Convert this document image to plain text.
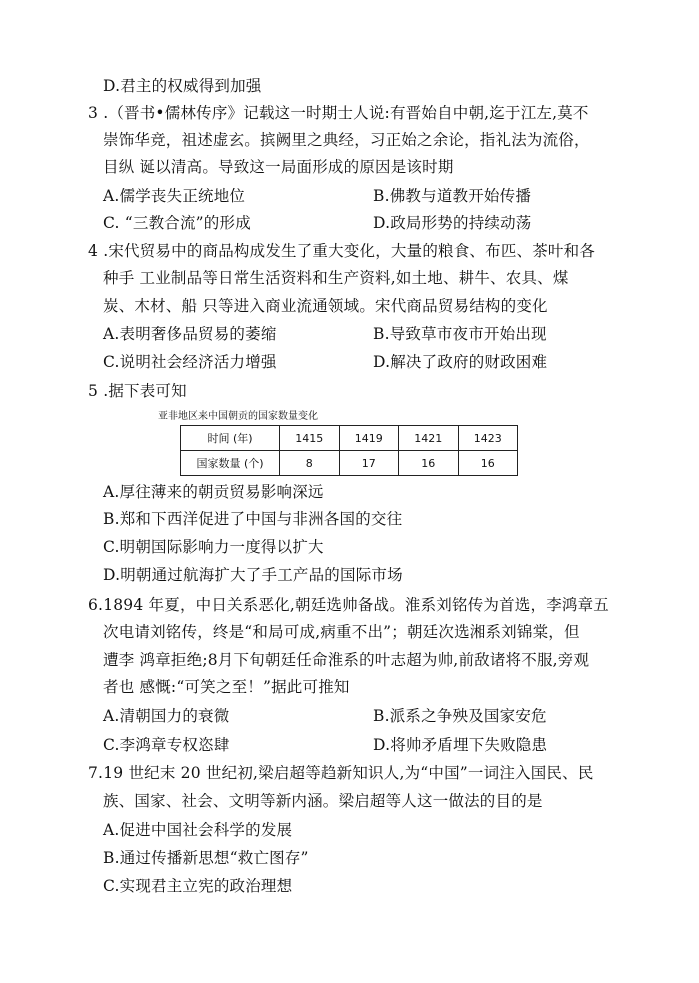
D.君主的权威得到加强
3 .（晋书•儒林传序》记载这一时期士人说:有晋始自中朝,迄于江左,莫不
崇饰华竞，祖述虚玄。摈阙里之典经，习正始之余论，指礼法为流俗，
目纵 诞以清高。导致这一局面形成的原因是该时期
A.儒学丧失正统地位	B.佛教与道教开始传播
C. “三教合流”的形成	D.政局形势的持续动荡
4 .宋代贸易中的商品构成发生了重大变化，大量的粮食、布匹、茶叶和各
种手 工业制品等日常生活资料和生产资料,如土地、耕牛、农具、煤
炭、木材、船 只等进入商业流通领域。宋代商品贸易结构的变化
A.表明奢侈品贸易的萎缩	B.导致草市夜市开始出现
C.说明社会经济活力增强	D.解决了政府的财政困难
5 .据下表可知
A.厚往薄来的朝贡贸易影响深远
B.郑和下西洋促进了中国与非洲各国的交往
C.明朝国际影响力一度得以扩大
D.明朝通过航海扩大了手工产品的国际市场
6.1894 年夏，中日关系恶化,朝廷选帅备战。淮系刘铭传为首选，李鸿章五
次电请刘铭传，终是“和局可成,病重不出”；朝廷次选湘系刘锦棠，但
遭李 鸿章拒绝;8月下旬朝廷任命淮系的叶志超为帅,前敌诸将不服,旁观
者也 感慨:“可笑之至！”据此可推知
A.清朝国力的衰微	B.派系之争殃及国家安危
C.李鸿章专权恣肆	D.将帅矛盾埋下失败隐患
7.19 世纪末 20 世纪初,梁启超等趋新知识人,为“中国”一词注入国民、民
族、国家、社会、文明等新内涵。梁启超等人这一做法的目的是
A.促进中国社会科学的发展
B.通过传播新思想“救亡图存”
C.实现君主立宪的政治理想
亚非地区来中国朝贡的国家数量变化
时间 (年)	1415	1419	1421	1423
国家数量 (个)	8	17	16	16
